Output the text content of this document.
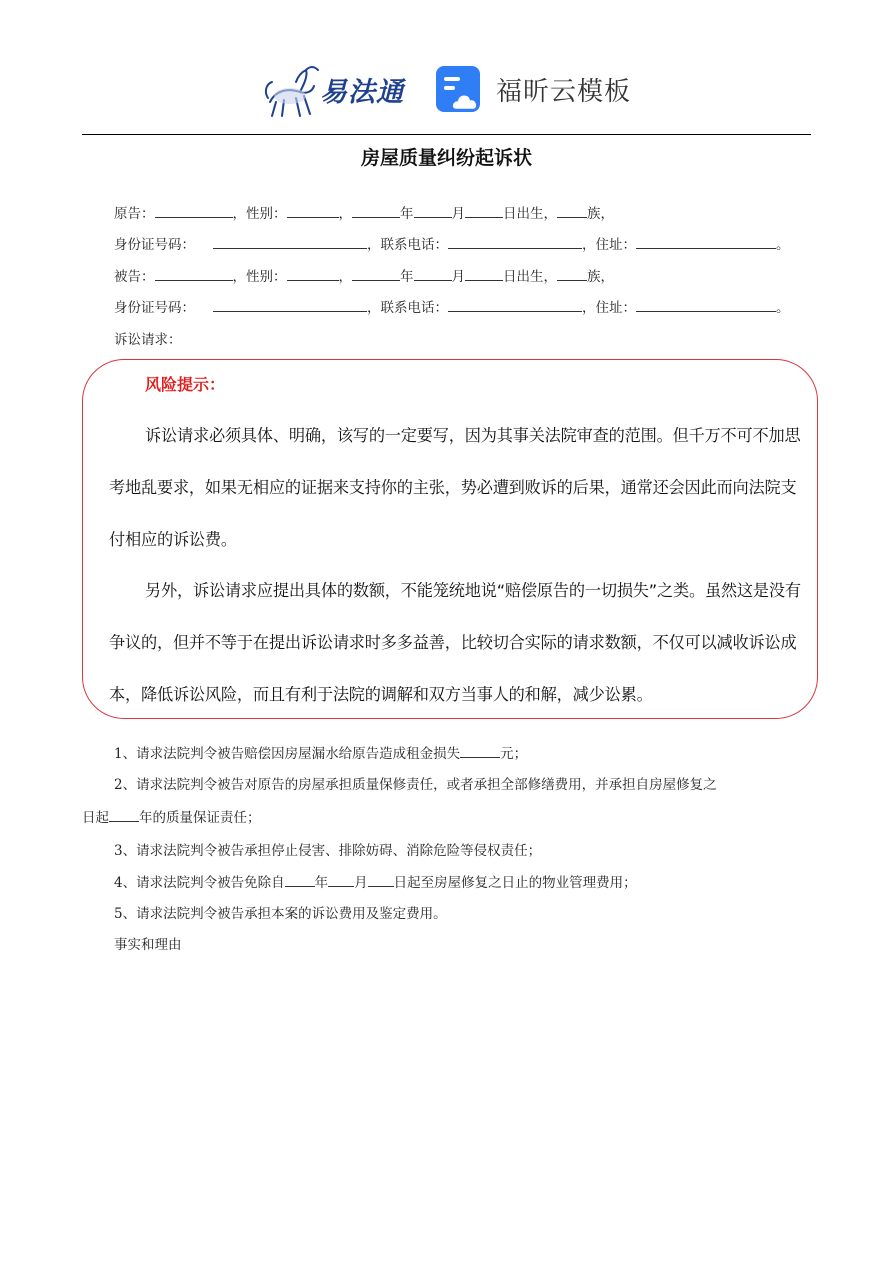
易法通	福昕云模板
房屋质量纠纷起诉状
原告：	，性别：	，	年	月	日出生， 族，
身份证号码：	，联系电话：	，住址：	。
被告：	，性别：	，	年	月	日出生， 族，
身份证号码：	，联系电话：	，住址：	。
诉讼请求：
风险提示：
诉讼请求必须具体、明确，该写的一定要写，因为其事关法院审查的范围。但千万不可不加思考地乱要求，如果无相应的证据来支持你的主张，势必遭到败诉的后果，通常还会因此而向法院支付相应的诉讼费。
另外，诉讼请求应提出具体的数额，不能笼统地说“赔偿原告的一切损失”之类。虽然这是没有争议的，但并不等于在提出诉讼请求时多多益善，比较切合实际的请求数额，不仅可以减收诉讼成本，降低诉讼风险，而且有利于法院的调解和双方当事人的和解，减少讼累。
1、请求法院判令被告赔偿因房屋漏水给原告造成租金损失	元；
2、请求法院判令被告对原告的房屋承担质量保修责任，或者承担全部修缮费用，并承担自房屋修复之
日起 年的质量保证责任；
3、请求法院判令被告承担停止侵害、排除妨碍、消除危险等侵权责任；
4、请求法院判令被告免除自 年 月 日起至房屋修复之日止的物业管理费用；
5、请求法院判令被告承担本案的诉讼费用及鉴定费用。
事实和理由
